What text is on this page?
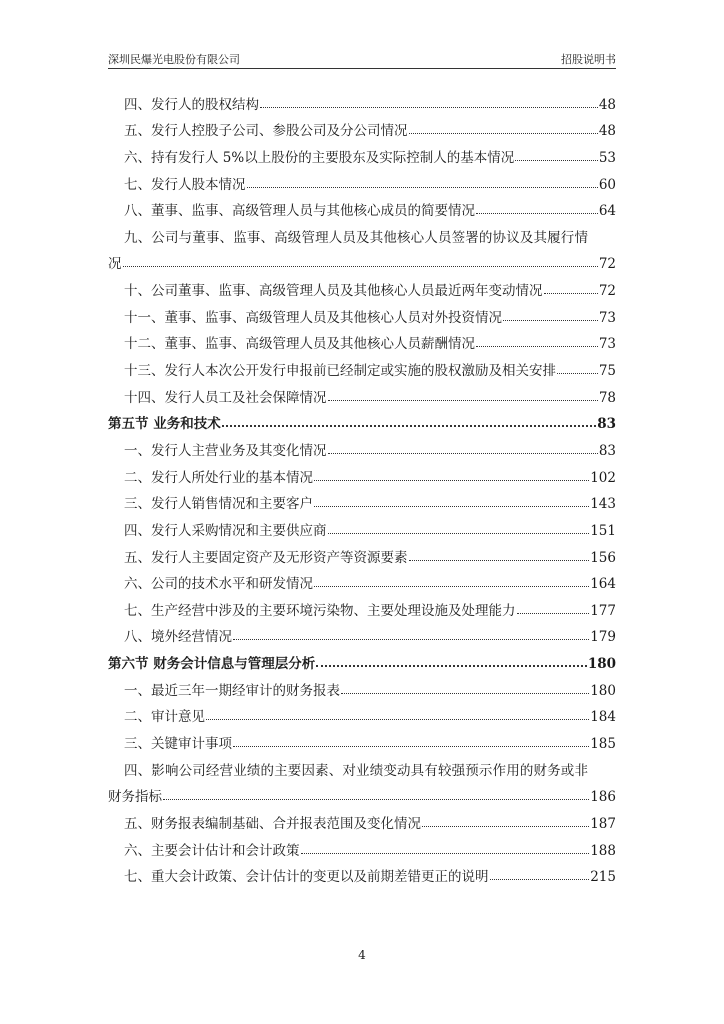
深圳民爆光电股份有限公司	招股说明书
四、发行人的股权结构	48
五、发行人控股子公司、参股公司及分公司情况	48
六、持有发行人 5%以上股份的主要股东及实际控制人的基本情况	53
七、发行人股本情况	60
八、董事、监事、高级管理人员与其他核心成员的简要情况	64
九、公司与董事、监事、高级管理人员及其他核心人员签署的协议及其履行情
况	72
十、公司董事、监事、高级管理人员及其他核心人员最近两年变动情况	72
十一、董事、监事、高级管理人员及其他核心人员对外投资情况	73
十二、董事、监事、高级管理人员及其他核心人员薪酬情况	73
十三、发行人本次公开发行申报前已经制定或实施的股权激励及相关安排	75
十四、发行人员工及社会保障情况	78
第五节 业务和技术	83
一、发行人主营业务及其变化情况	83
二、发行人所处行业的基本情况	102
三、发行人销售情况和主要客户	143
四、发行人采购情况和主要供应商	151
五、发行人主要固定资产及无形资产等资源要素	156
六、公司的技术水平和研发情况	164
七、生产经营中涉及的主要环境污染物、主要处理设施及处理能力	177
八、境外经营情况	179
第六节 财务会计信息与管理层分析	180
一、最近三年一期经审计的财务报表	180
二、审计意见	184
三、关键审计事项	185
四、影响公司经营业绩的主要因素、对业绩变动具有较强预示作用的财务或非
财务指标	186
五、财务报表编制基础、合并报表范围及变化情况	187
六、主要会计估计和会计政策	188
七、重大会计政策、会计估计的变更以及前期差错更正的说明	215
4
